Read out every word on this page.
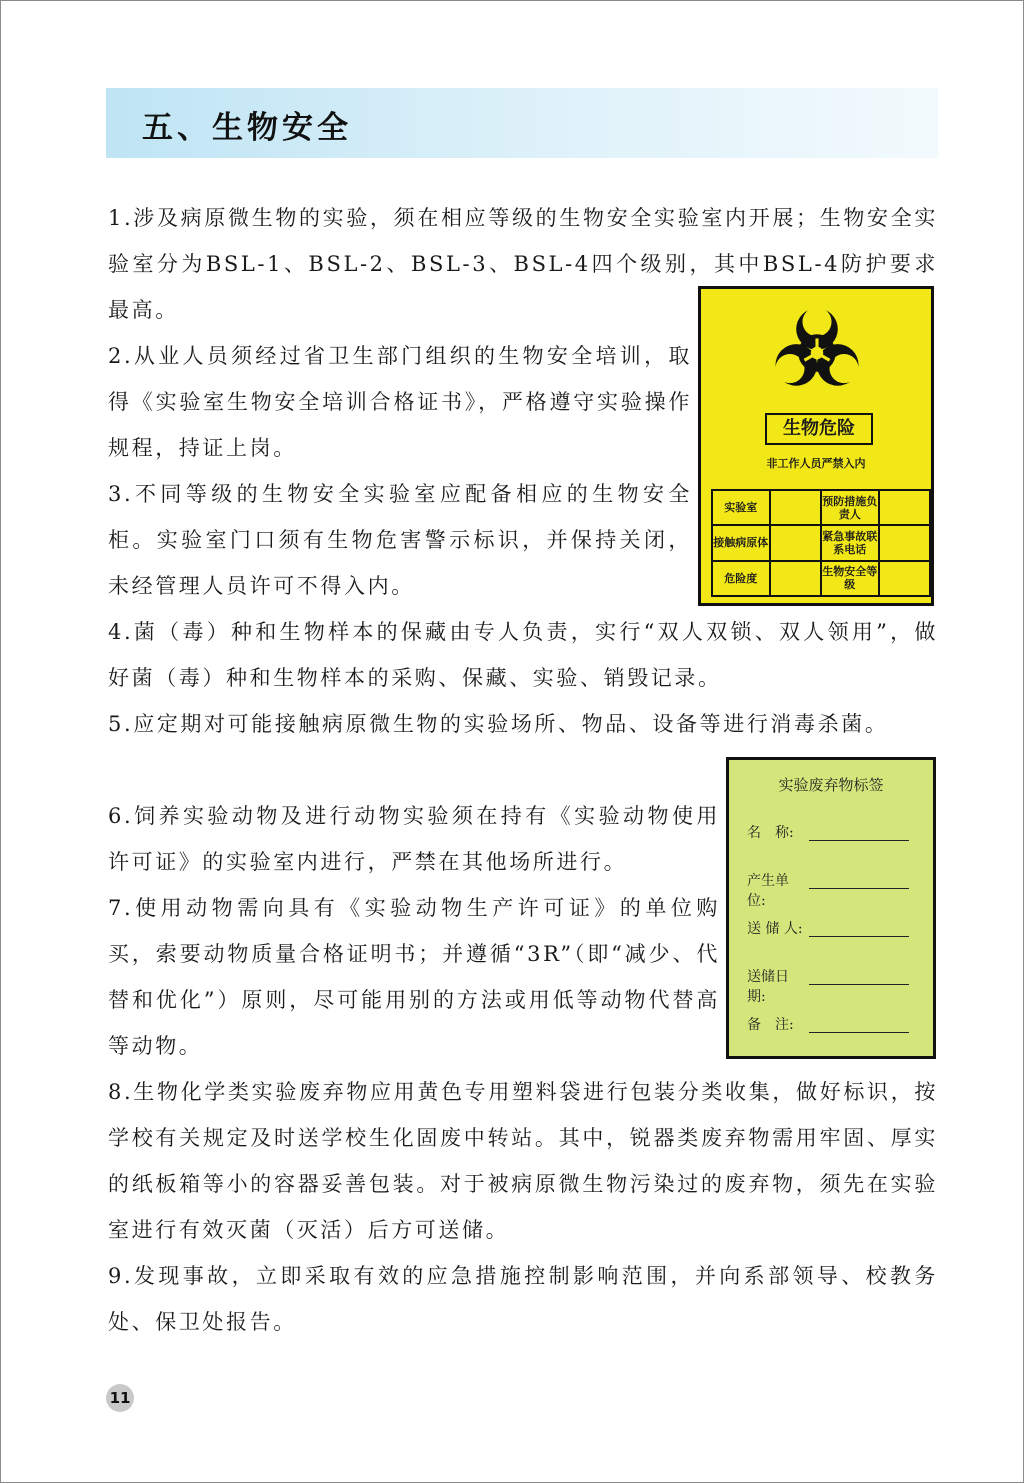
五、生物安全

1.涉及病原微生物的实验，须在相应等级的生物安全实验室内开展；生物安全实验室分为BSL-1、BSL-2、BSL-3、BSL-4四个级别，其中BSL-4防护要求最高。

2.从业人员须经过省卫生部门组织的生物安全培训，取得《实验室生物安全培训合格证书》，严格遵守实验操作规程，持证上岗。

3.不同等级的生物安全实验室应配备相应的生物安全柜。实验室门口须有生物危害警示标识，并保持关闭，未经管理人员许可不得入内。

4.菌（毒）种和生物样本的保藏由专人负责，实行“双人双锁、双人领用”，做好菌（毒）种和生物样本的采购、保藏、实验、销毁记录。

5.应定期对可能接触病原微生物的实验场所、物品、设备等进行消毒杀菌。

6.饲养实验动物及进行动物实验须在持有《实验动物使用许可证》的实验室内进行，严禁在其他场所进行。

7.使用动物需向具有《实验动物生产许可证》的单位购买，索要动物质量合格证明书；并遵循“3R”（即“减少、代替和优化”）原则，尽可能用别的方法或用低等动物代替高等动物。

8.生物化学类实验废弃物应用黄色专用塑料袋进行包装分类收集，做好标识，按学校有关规定及时送学校生化固废中转站。其中，锐器类废弃物需用牢固、厚实的纸板箱等小的容器妥善包装。对于被病原微生物污染过的废弃物，须先在实验室进行有效灭菌（灭活）后方可送储。

9.发现事故，立即采取有效的应急措施控制影响范围，并向系部领导、校教务处、保卫处报告。

生物危险
非工作人员严禁入内
实验室		预防措施负责人	
接触病原体		紧急事故联系电话	
危险度		生物安全等级	
实验废弃物标签
名　称:
产生单位:
送 储 人:
送储日期:
备　注:
11
